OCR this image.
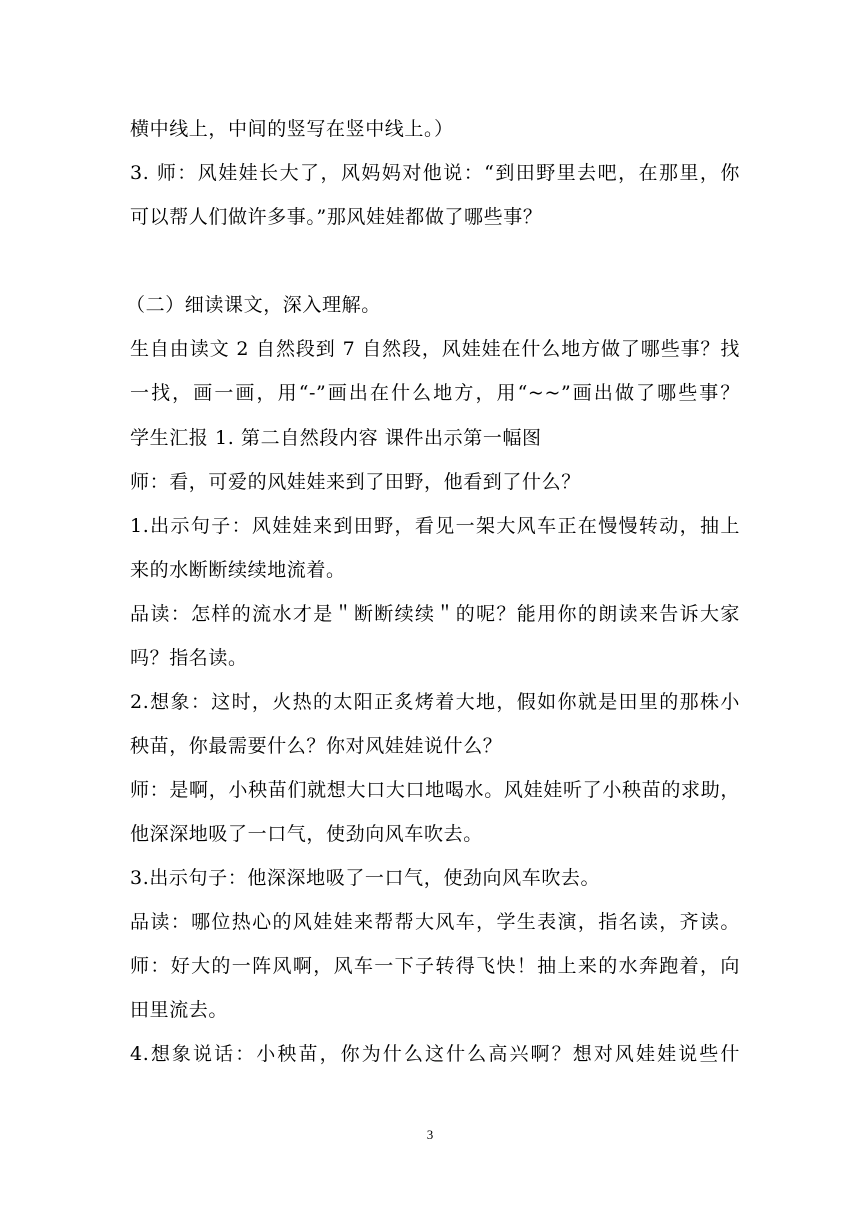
横中线上，中间的竖写在竖中线上。）
3. 师：风娃娃长大了，风妈妈对他说：“到田野里去吧，在那里，你
可以帮人们做许多事。”那风娃娃都做了哪些事？
（二）细读课文，深入理解。
生自由读文 2 自然段到 7 自然段，风娃娃在什么地方做了哪些事？找
一找，画一画，用“-”画出在什么地方，用“~~”画出做了哪些事？
学生汇报 1. 第二自然段内容 课件出示第一幅图
师：看，可爱的风娃娃来到了田野，他看到了什么？
1.出示句子：风娃娃来到田野，看见一架大风车正在慢慢转动，抽上
来的水断断续续地流着。
品读：怎样的流水才是＂断断续续＂的呢？能用你的朗读来告诉大家
吗？指名读。
2.想象：这时，火热的太阳正炙烤着大地，假如你就是田里的那株小
秧苗，你最需要什么？你对风娃娃说什么？
师：是啊，小秧苗们就想大口大口地喝水。风娃娃听了小秧苗的求助，
他深深地吸了一口气，使劲向风车吹去。
3.出示句子：他深深地吸了一口气，使劲向风车吹去。
品读：哪位热心的风娃娃来帮帮大风车，学生表演，指名读，齐读。
师：好大的一阵风啊，风车一下子转得飞快！抽上来的水奔跑着，向
田里流去。
4.想象说话：小秧苗，你为什么这什么高兴啊？想对风娃娃说些什
3
